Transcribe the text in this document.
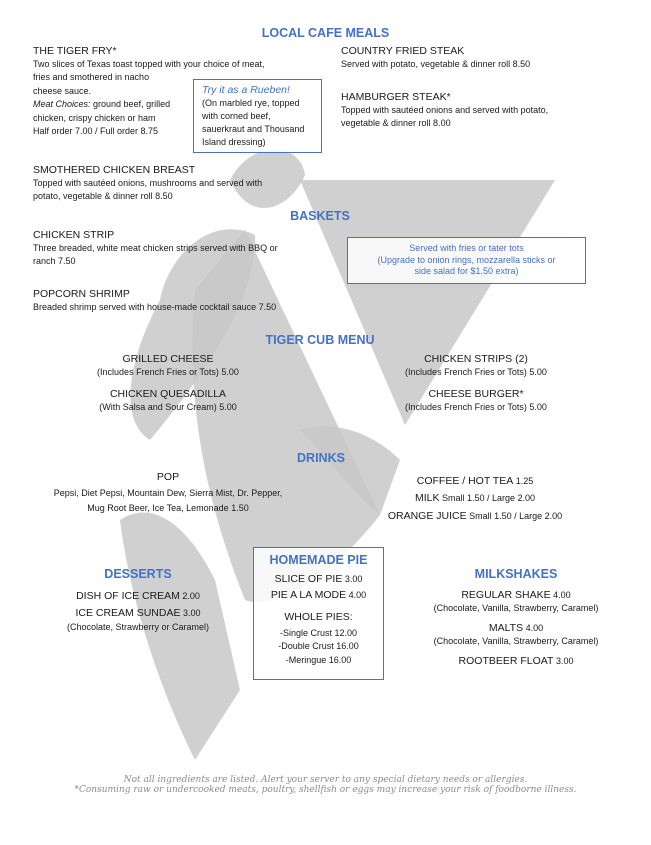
LOCAL CAFE MEALS
THE TIGER FRY*
Two slices of Texas toast topped with your choice of meat,
fries and smothered in nacho
cheese sauce.
Meat Choices: ground beef, grilled
chicken, crispy chicken or ham
Half order 7.00 / Full order 8.75
Try it as a Rueben!
(On marbled rye, topped
with corned beef,
sauerkraut and Thousand
Island dressing)
COUNTRY FRIED STEAK
Served with potato, vegetable & dinner roll 8.50
HAMBURGER STEAK*
Topped with sautéed onions and served with potato,
vegetable & dinner roll 8.00
SMOTHERED CHICKEN BREAST
Topped with sautéed onions, mushrooms and served with
potato, vegetable & dinner roll 8.50
BASKETS
CHICKEN STRIP
Three breaded, white meat chicken strips served with BBQ or
ranch 7.50
POPCORN SHRIMP
Breaded shrimp served with house-made cocktail sauce 7.50
Served with fries or tater tots
(Upgrade to onion rings, mozzarella sticks or
side salad for $1.50 extra)
TIGER CUB MENU
GRILLED CHEESE
(Includes French Fries or Tots) 5.00
CHICKEN QUESADILLA
(With Salsa and Sour Cream) 5.00
CHICKEN STRIPS (2)
(Includes French Fries or Tots) 5.00
CHEESE BURGER*
(Includes French Fries or Tots) 5.00
DRINKS
POP
Pepsi, Diet Pepsi, Mountain Dew, Sierra Mist, Dr. Pepper,
Mug Root Beer, Ice Tea, Lemonade 1.50
COFFEE / HOT TEA 1.25
MILK Small 1.50 / Large 2.00
ORANGE JUICE Small 1.50 / Large 2.00
DESSERTS
DISH OF ICE CREAM 2.00
ICE CREAM SUNDAE 3.00
(Chocolate, Strawberry or Caramel)
HOMEMADE PIE
SLICE OF PIE 3.00
PIE A LA MODE 4.00
WHOLE PIES:
-Single Crust 12.00
-Double Crust 16.00
-Meringue 16.00
MILKSHAKES
REGULAR SHAKE 4.00
(Chocolate, Vanilla, Strawberry, Caramel)
MALTS 4.00
(Chocolate, Vanilla, Strawberry, Caramel)
ROOTBEER FLOAT 3.00
Not all ingredients are listed. Alert your server to any special dietary needs or allergies.
*Consuming raw or undercooked meats, poultry, shellfish or eggs may increase your risk of foodborne illness.
